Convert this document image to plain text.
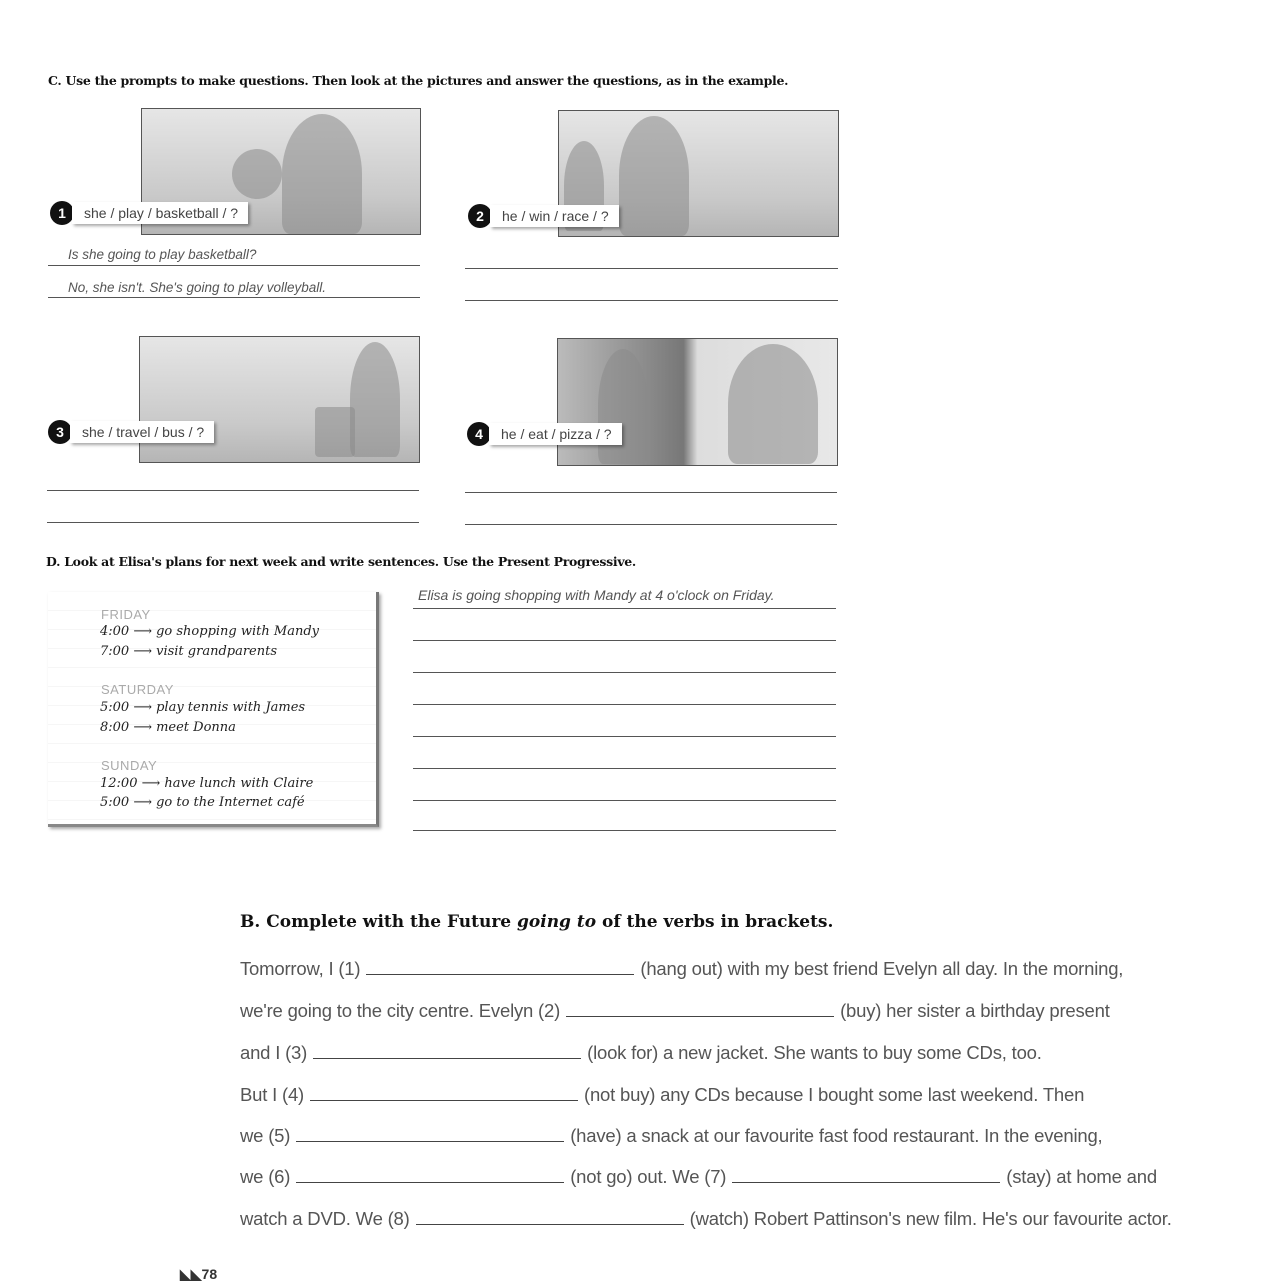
C. Use the prompts to make questions. Then look at the pictures and answer the questions, as in the example.
1	she / play / basketball / ?	2	he / win / race / ?
3	she / travel / bus / ?	4	he / eat / pizza / ?
Is she going to play basketball?
No, she isn't. She's going to play volleyball.
D. Look at Elisa's plans for next week and write sentences. Use the Present Progressive.
FRIDAY
4:00 ⟶ go shopping with Mandy
7:00 ⟶ visit grandparents
SATURDAY
5:00 ⟶ play tennis with James
8:00 ⟶ meet Donna
SUNDAY
12:00 ⟶ have lunch with Claire
5:00 ⟶ go to the Internet café
Elisa is going shopping with Mandy at 4 o'clock on Friday.
B. Complete with the Future going to of the verbs in brackets.
Tomorrow, I (1)	(hang out) with my best friend Evelyn all day. In the morning,
we're going to the city centre. Evelyn (2)	(buy) her sister a birthday present
and I (3)	(look for) a new jacket. She wants to buy some CDs, too.
But I (4)	(not buy) any CDs because I bought some last weekend. Then
we (5)	(have) a snack at our favourite fast food restaurant. In the evening,
we (6)	(not go) out. We (7)	(stay) at home and
watch a DVD. We (8)	(watch) Robert Pattinson's new film. He's our favourite actor.
◣◣78
